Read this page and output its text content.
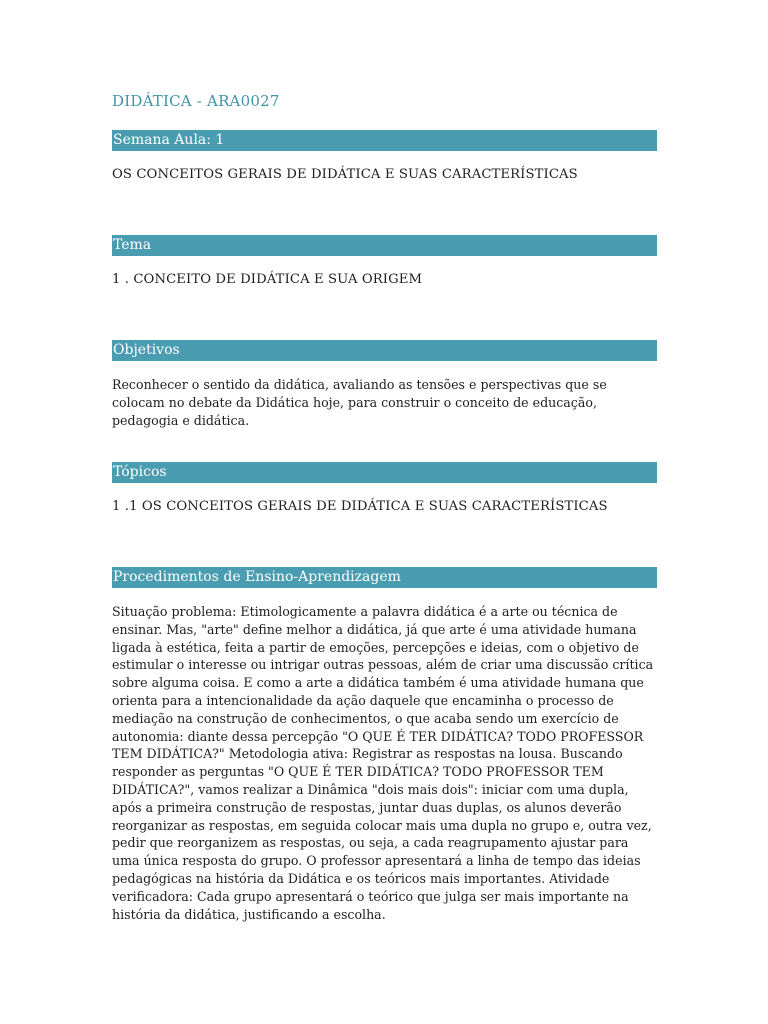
DIDÁTICA - ARA0027
Semana Aula: 1
OS CONCEITOS GERAIS DE DIDÁTICA E SUAS CARACTERÍSTICAS
Tema
1 . CONCEITO DE DIDÁTICA E SUA ORIGEM
Objetivos
Reconhecer o sentido da didática, avaliando as tensões e perspectivas que se colocam no debate da Didática hoje, para construir o conceito de educação, pedagogia e didática.
Tópicos
1 .1 OS CONCEITOS GERAIS DE DIDÁTICA E SUAS CARACTERÍSTICAS
Procedimentos de Ensino-Aprendizagem
Situação problema: Etimologicamente a palavra didática é a arte ou técnica de ensinar. Mas, "arte" define melhor a didática, já que arte é uma atividade humana ligada à estética, feita a partir de emoções, percepções e ideias, com o objetivo de estimular o interesse ou intrigar outras pessoas, além de criar uma discussão crítica sobre alguma coisa. E como a arte a didática também é uma atividade humana que orienta para a intencionalidade da ação daquele que encaminha o processo de mediação na construção de conhecimentos, o que acaba sendo um exercício de autonomia: diante dessa percepção "O QUE É TER DIDÁTICA? TODO PROFESSOR TEM DIDÁTICA?" Metodologia ativa: Registrar as respostas na lousa. Buscando responder as perguntas "O QUE É TER DIDÁTICA? TODO PROFESSOR TEM DIDÁTICA?", vamos realizar a Dinâmica "dois mais dois": iniciar com uma dupla, após a primeira construção de respostas, juntar duas duplas, os alunos deverão reorganizar as respostas, em seguida colocar mais uma dupla no grupo e, outra vez, pedir que reorganizem as respostas, ou seja, a cada reagrupamento ajustar para uma única resposta do grupo. O professor apresentará a linha de tempo das ideias pedagógicas na história da Didática e os teóricos mais importantes. Atividade verificadora: Cada grupo apresentará o teórico que julga ser mais importante na história da didática, justificando a escolha.
